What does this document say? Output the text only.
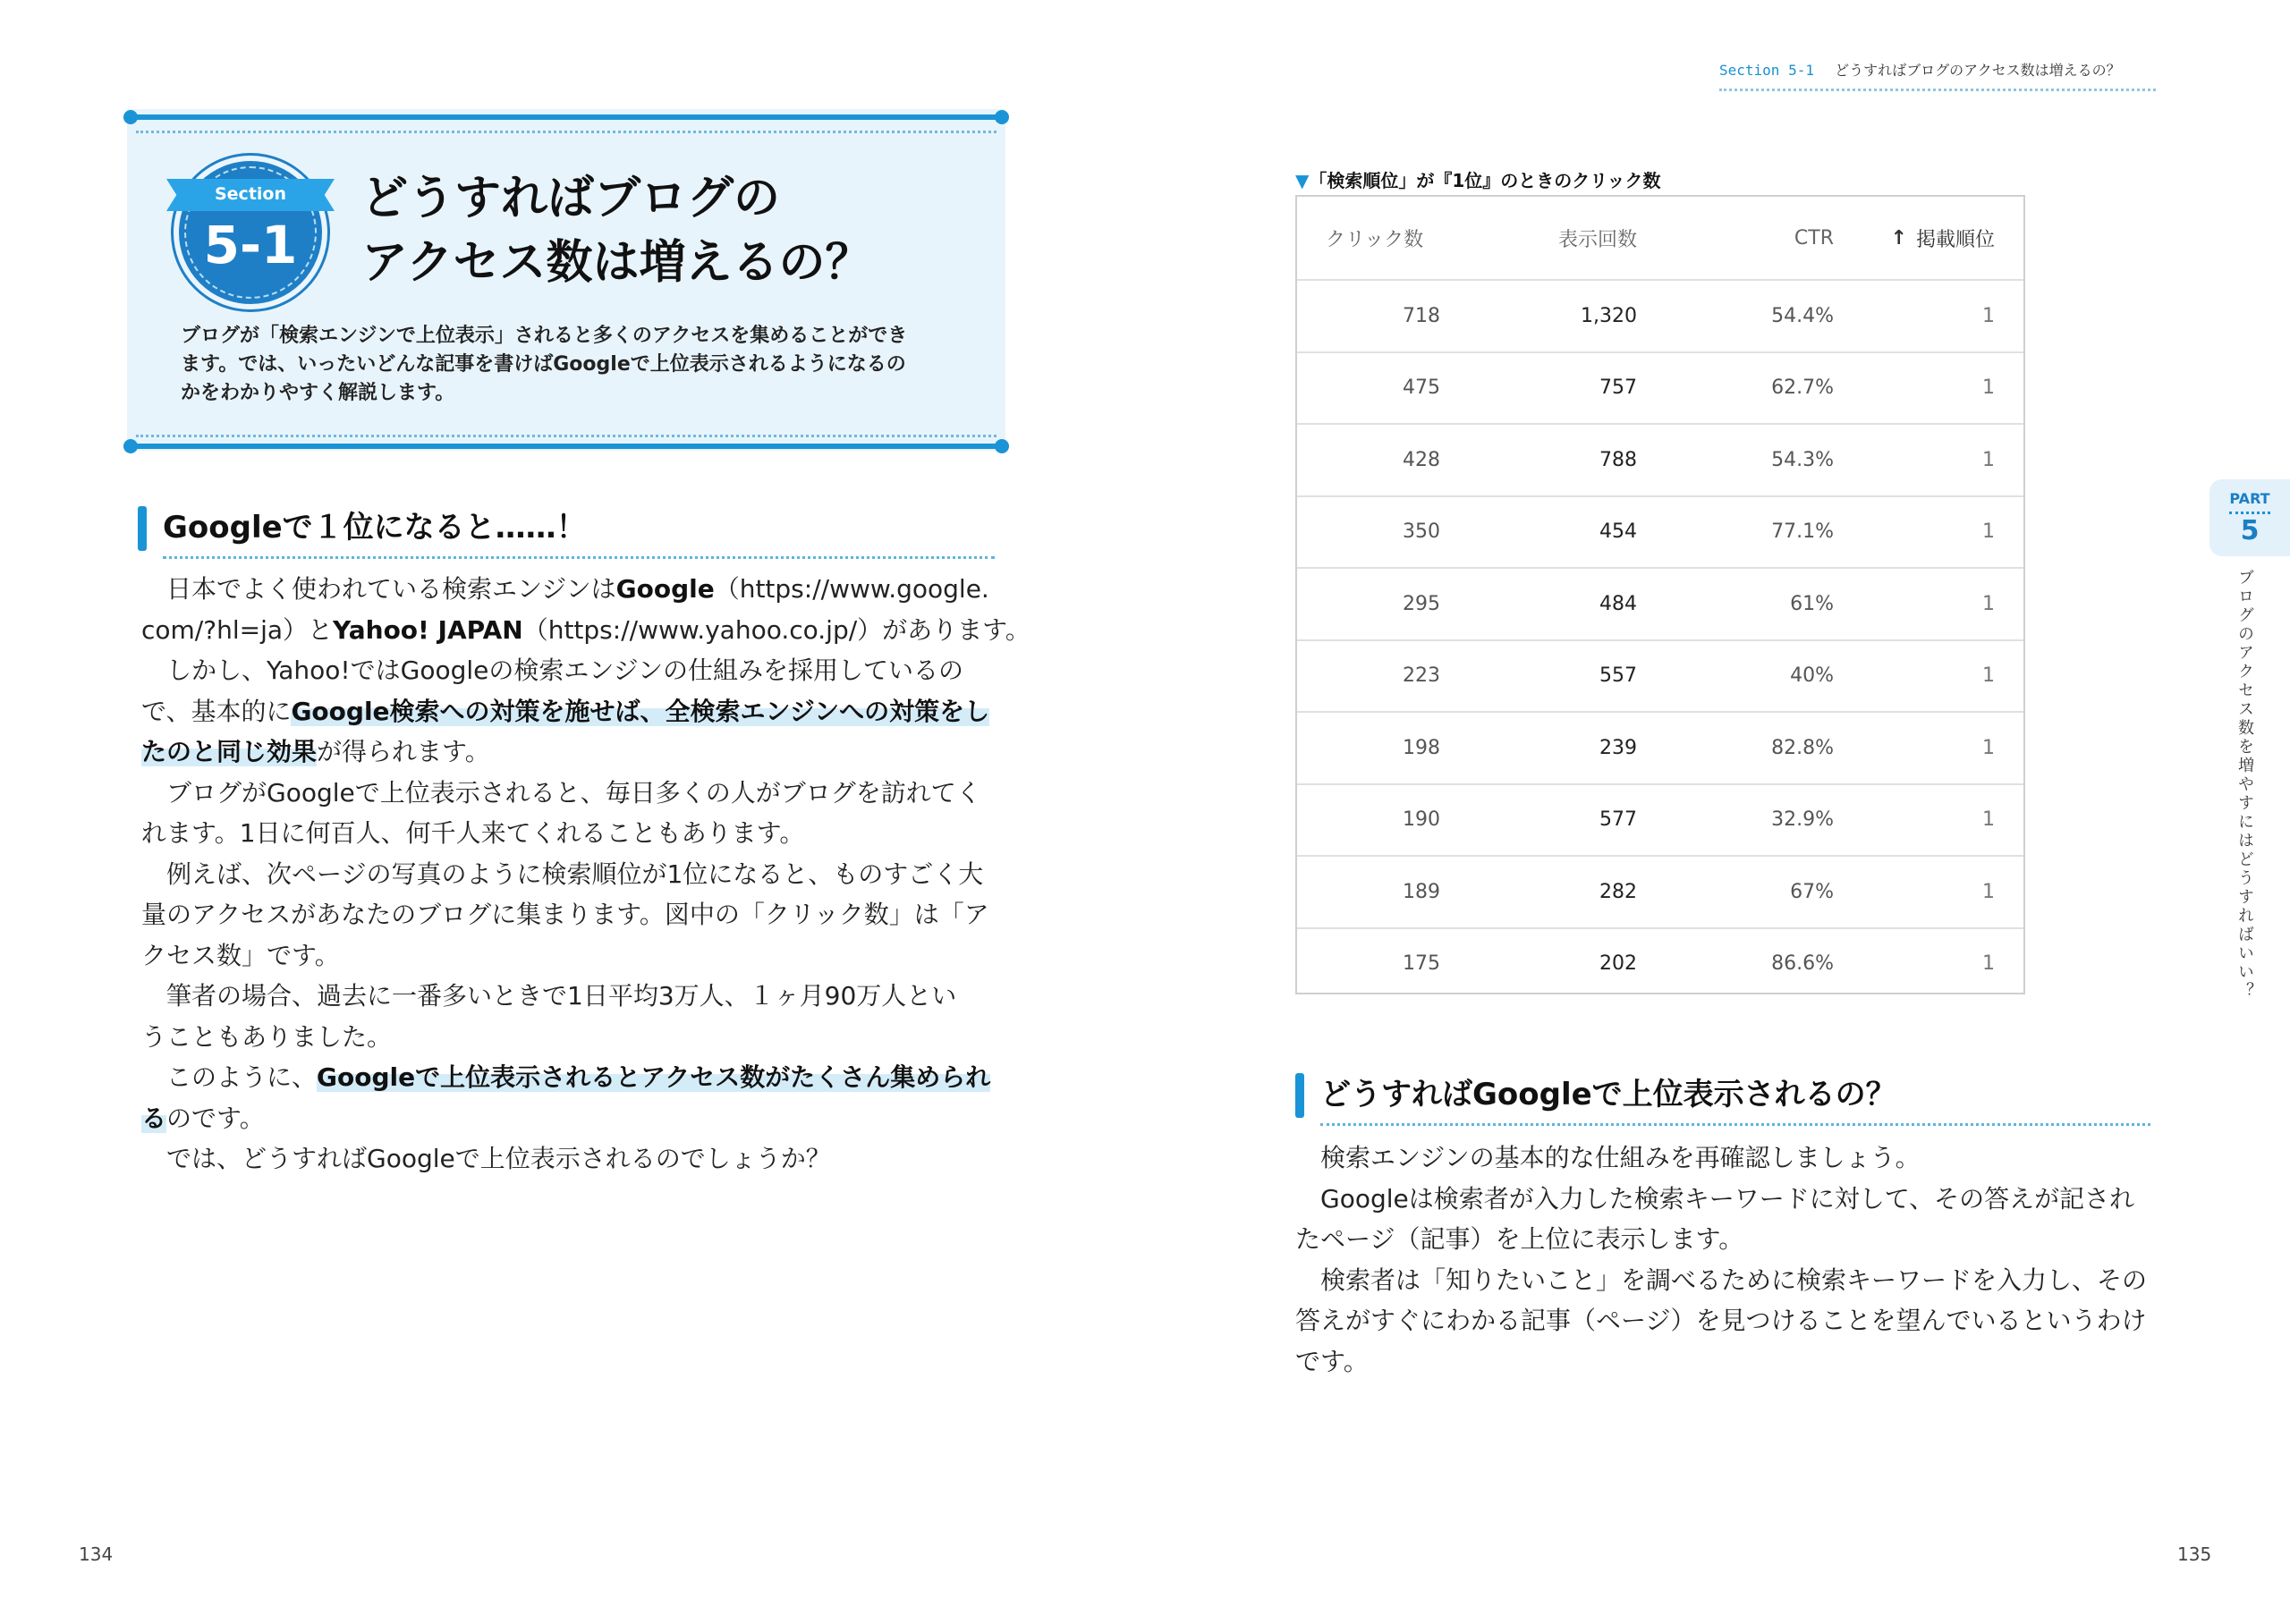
Section 5-1 どうすればブログのアクセス数は増えるの？
Section
5-1
どうすればブログの
アクセス数は増えるの？
ブログが「検索エンジンで上位表示」されると多くのアクセスを集めることができ
ます。では、いったいどんな記事を書けばGoogleで上位表示されるようになるの
かをわかりやすく解説します。
Googleで１位になると……！

　日本でよく使われている検索エンジンはGoogle（https://www.google.

com/?hl=ja）とYahoo! JAPAN（https://www.yahoo.co.jp/）があります。

　しかし、Yahoo!ではGoogleの検索エンジンの仕組みを採用しているの

で、基本的にGoogle検索への対策を施せば、全検索エンジンへの対策をし

たのと同じ効果が得られます。

　ブログがGoogleで上位表示されると、毎日多くの人がブログを訪れてく

れます。1日に何百人、何千人来てくれることもあります。

　例えば、次ページの写真のように検索順位が1位になると、ものすごく大

量のアクセスがあなたのブログに集まります。図中の「クリック数」は「ア

クセス数」です。

　筆者の場合、過去に一番多いときで1日平均3万人、１ヶ月90万人とい

うこともありました。

　このように、Googleで上位表示されるとアクセス数がたくさん集められ

るのです。

　では、どうすればGoogleで上位表示されるのでしょうか？

▼「検索順位」が『1位』のときのクリック数
クリック数	表示回数	CTR	↑ 掲載順位
718	1,320	54.4%	1
475	757	62.7%	1
428	788	54.3%	1
350	454	77.1%	1
295	484	61%	1
223	557	40%	1
198	239	82.8%	1
190	577	32.9%	1
189	282	67%	1
175	202	86.6%	1
どうすればGoogleで上位表示されるの？

　検索エンジンの基本的な仕組みを再確認しましょう。

　Googleは検索者が入力した検索キーワードに対して、その答えが記され

たページ（記事）を上位に表示します。

　検索者は「知りたいこと」を調べるために検索キーワードを入力し、その

答えがすぐにわかる記事（ページ）を見つけることを望んでいるというわけ

です。

PART
5
ブログのアクセス数を増やすにはどうすればいい？
134	135
